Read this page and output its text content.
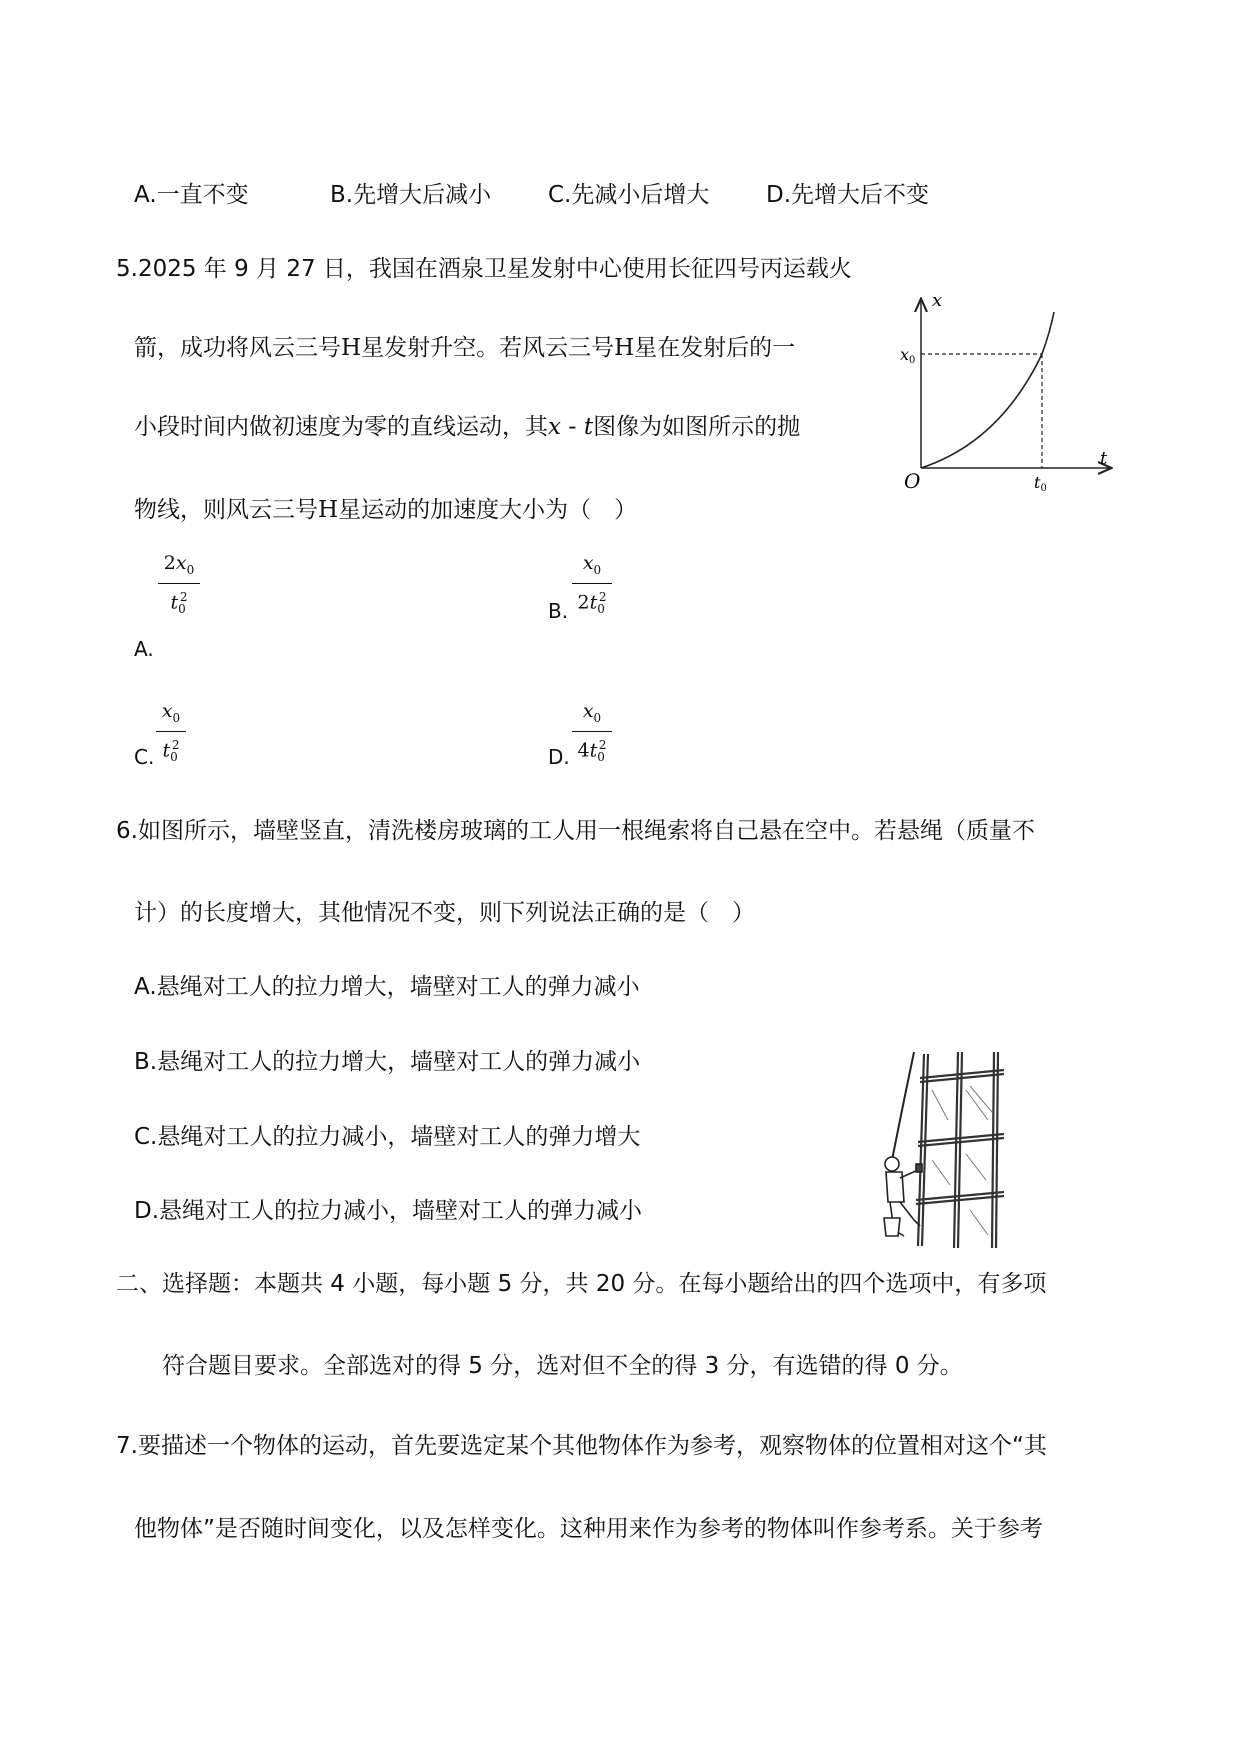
A.一直不变	B.先增大后减小 C.先减小后增大 D.先增大后不变
5.2025 年 9 月 27 日，我国在酒泉卫星发射中心使用长征四号丙运载火
箭，成功将风云三号H星发射升空。若风云三号H星在发射后的一
小段时间内做初速度为零的直线运动，其x - t图像为如图所示的抛
物线，则风云三号H星运动的加速度大小为（　）
x
t
O
x0
t0
$2x_0$
$t_0^2$
A.
$x_0$
$2t_0^2$
B.
$x_0$
$t_0^2$
C.
$x_0$
$4t_0^2$
D.
6.如图所示，墙壁竖直，清洗楼房玻璃的工人用一根绳索将自己悬在空中。若悬绳（质量不
计）的长度增大，其他情况不变，则下列说法正确的是（　）
A.悬绳对工人的拉力增大，墙壁对工人的弹力减小
B.悬绳对工人的拉力增大，墙壁对工人的弹力减小
C.悬绳对工人的拉力减小，墙壁对工人的弹力增大
D.悬绳对工人的拉力减小，墙壁对工人的弹力减小
二、选择题：本题共 4 小题，每小题 5 分，共 20 分。在每小题给出的四个选项中，有多项
符合题目要求。全部选对的得 5 分，选对但不全的得 3 分，有选错的得 0 分。
7.要描述一个物体的运动，首先要选定某个其他物体作为参考，观察物体的位置相对这个“其
他物体”是否随时间变化，以及怎样变化。这种用来作为参考的物体叫作参考系。关于参考
